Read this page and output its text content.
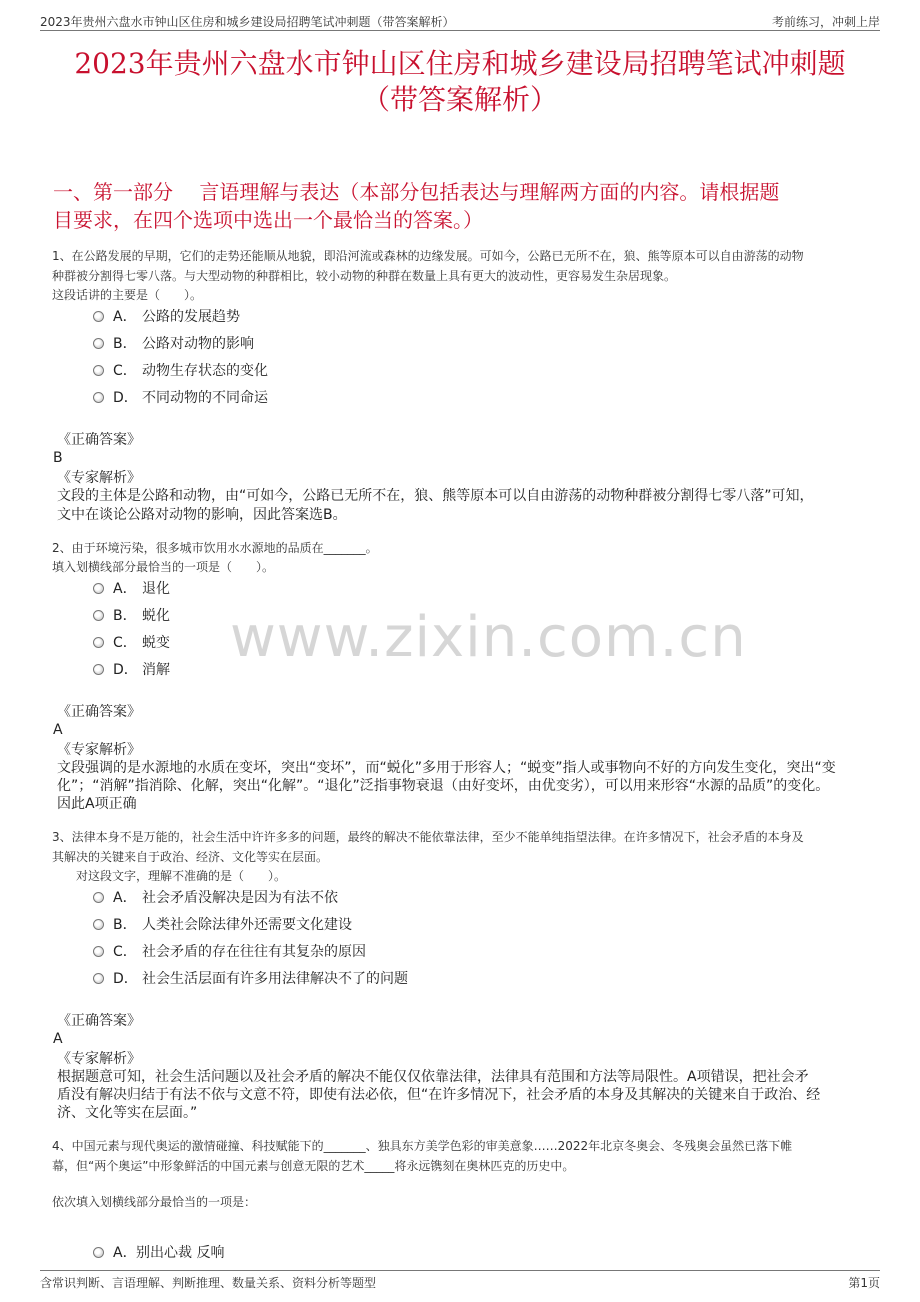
2023年贵州六盘水市钟山区住房和城乡建设局招聘笔试冲刺题（带答案解析）	考前练习，冲刺上岸
2023年贵州六盘水市钟山区住房和城乡建设局招聘笔试冲刺题
（带答案解析）
一、第一部分　 言语理解与表达（本部分包括表达与理解两方面的内容。请根据题
目要求，在四个选项中选出一个最恰当的答案。）
www.zixin.com.cn
1、在公路发展的早期，它们的走势还能顺从地貌，即沿河流或森林的边缘发展。可如今，公路已无所不在，狼、熊等原本可以自由游荡的动物
种群被分割得七零八落。与大型动物的种群相比，较小动物的种群在数量上具有更大的波动性，更容易发生杂居现象。
这段话讲的主要是（　　）。
A． 公路的发展趋势
B． 公路对动物的影响
C． 动物生存状态的变化
D． 不同动物的不同命运
《正确答案》
B
《专家解析》
文段的主体是公路和动物，由“可如今，公路已无所不在，狼、熊等原本可以自由游荡的动物种群被分割得七零八落”可知，
文中在谈论公路对动物的影响，因此答案选B。
2、由于环境污染，很多城市饮用水水源地的品质在_______。
填入划横线部分最恰当的一项是（　　）。
A． 退化
B． 蜕化
C． 蜕变
D． 消解
《正确答案》
A
《专家解析》
文段强调的是水源地的水质在变坏，突出“变坏”，而“蜕化”多用于形容人；“蜕变”指人或事物向不好的方向发生变化，突出“变
化”；“消解”指消除、化解，突出“化解”。“退化”泛指事物衰退（由好变坏，由优变劣），可以用来形容“水源的品质”的变化。
因此A项正确
3、法律本身不是万能的，社会生活中许许多多的问题，最终的解决不能依靠法律，至少不能单纯指望法律。在许多情况下，社会矛盾的本身及
其解决的关键来自于政治、经济、文化等实在层面。
　　对这段文字，理解不准确的是（　　）。
A． 社会矛盾没解决是因为有法不依
B． 人类社会除法律外还需要文化建设
C． 社会矛盾的存在往往有其复杂的原因
D． 社会生活层面有许多用法律解决不了的问题
《正确答案》
A
《专家解析》
根据题意可知，社会生活问题以及社会矛盾的解决不能仅仅依靠法律，法律具有范围和方法等局限性。A项错误，把社会矛
盾没有解决归结于有法不依与文意不符，即使有法必依，但“在许多情况下，社会矛盾的本身及其解决的关键来自于政治、经
济、文化等实在层面。”
4、中国元素与现代奥运的激情碰撞、科技赋能下的_______、独具东方美学色彩的审美意象……2022年北京冬奥会、冬残奥会虽然已落下帷
幕，但“两个奥运”中形象鲜活的中国元素与创意无限的艺术_____将永远镌刻在奥林匹克的历史中。
依次填入划横线部分最恰当的一项是：
A．别出心裁 反响
含常识判断、言语理解、判断推理、数量关系、资料分析等题型	第1页
